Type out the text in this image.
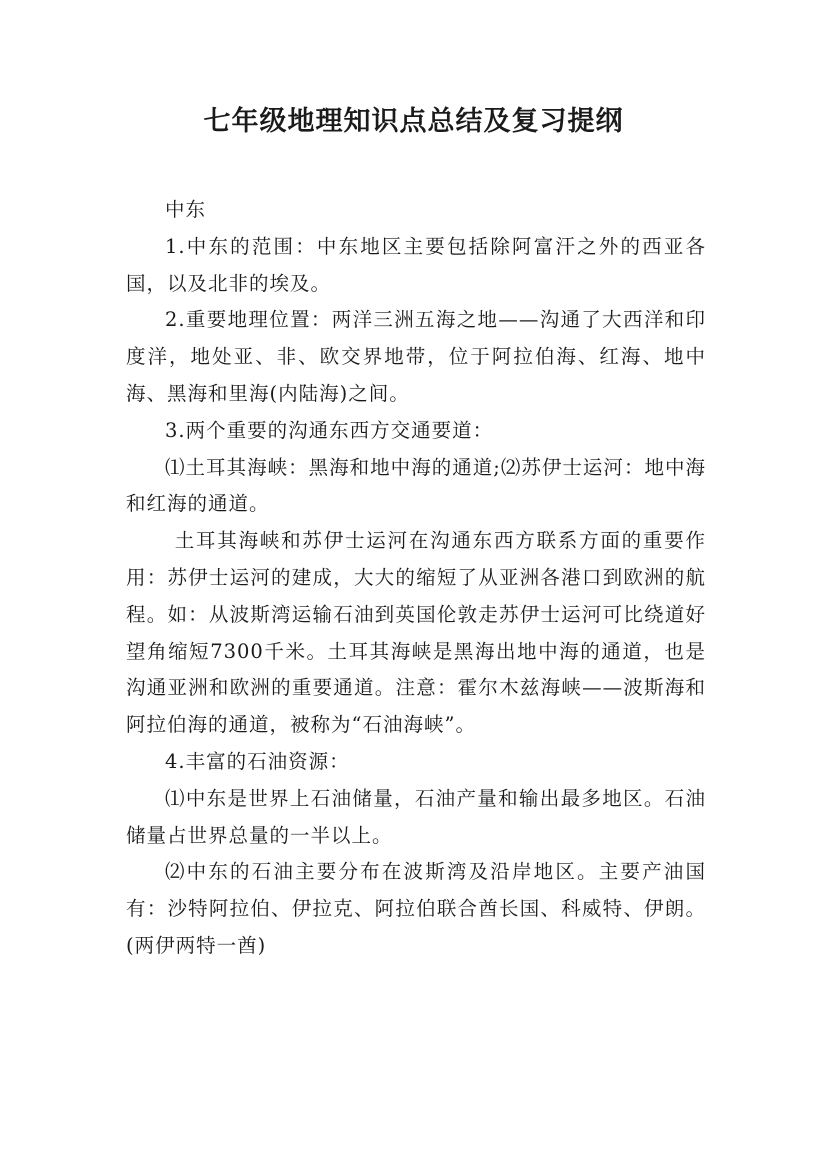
七年级地理知识点总结及复习提纲

中东

1.中东的范围：中东地区主要包括除阿富汗之外的西亚各国，以及北非的埃及。

2.重要地理位置：两洋三洲五海之地——沟通了大西洋和印度洋，地处亚、非、欧交界地带，位于阿拉伯海、红海、地中海、黑海和里海(内陆海)之间。

3.两个重要的沟通东西方交通要道：

⑴土耳其海峡：黑海和地中海的通道;⑵苏伊士运河：地中海和红海的通道。

土耳其海峡和苏伊士运河在沟通东西方联系方面的重要作用：苏伊士运河的建成，大大的缩短了从亚洲各港口到欧洲的航程。如：从波斯湾运输石油到英国伦敦走苏伊士运河可比绕道好望角缩短7300千米。土耳其海峡是黑海出地中海的通道，也是沟通亚洲和欧洲的重要通道。注意：霍尔木兹海峡——波斯海和阿拉伯海的通道，被称为“石油海峡”。

4.丰富的石油资源：

⑴中东是世界上石油储量，石油产量和输出最多地区。石油储量占世界总量的一半以上。

⑵中东的石油主要分布在波斯湾及沿岸地区。主要产油国有：沙特阿拉伯、伊拉克、阿拉伯联合酋长国、科威特、伊朗。(两伊两特一酋)
